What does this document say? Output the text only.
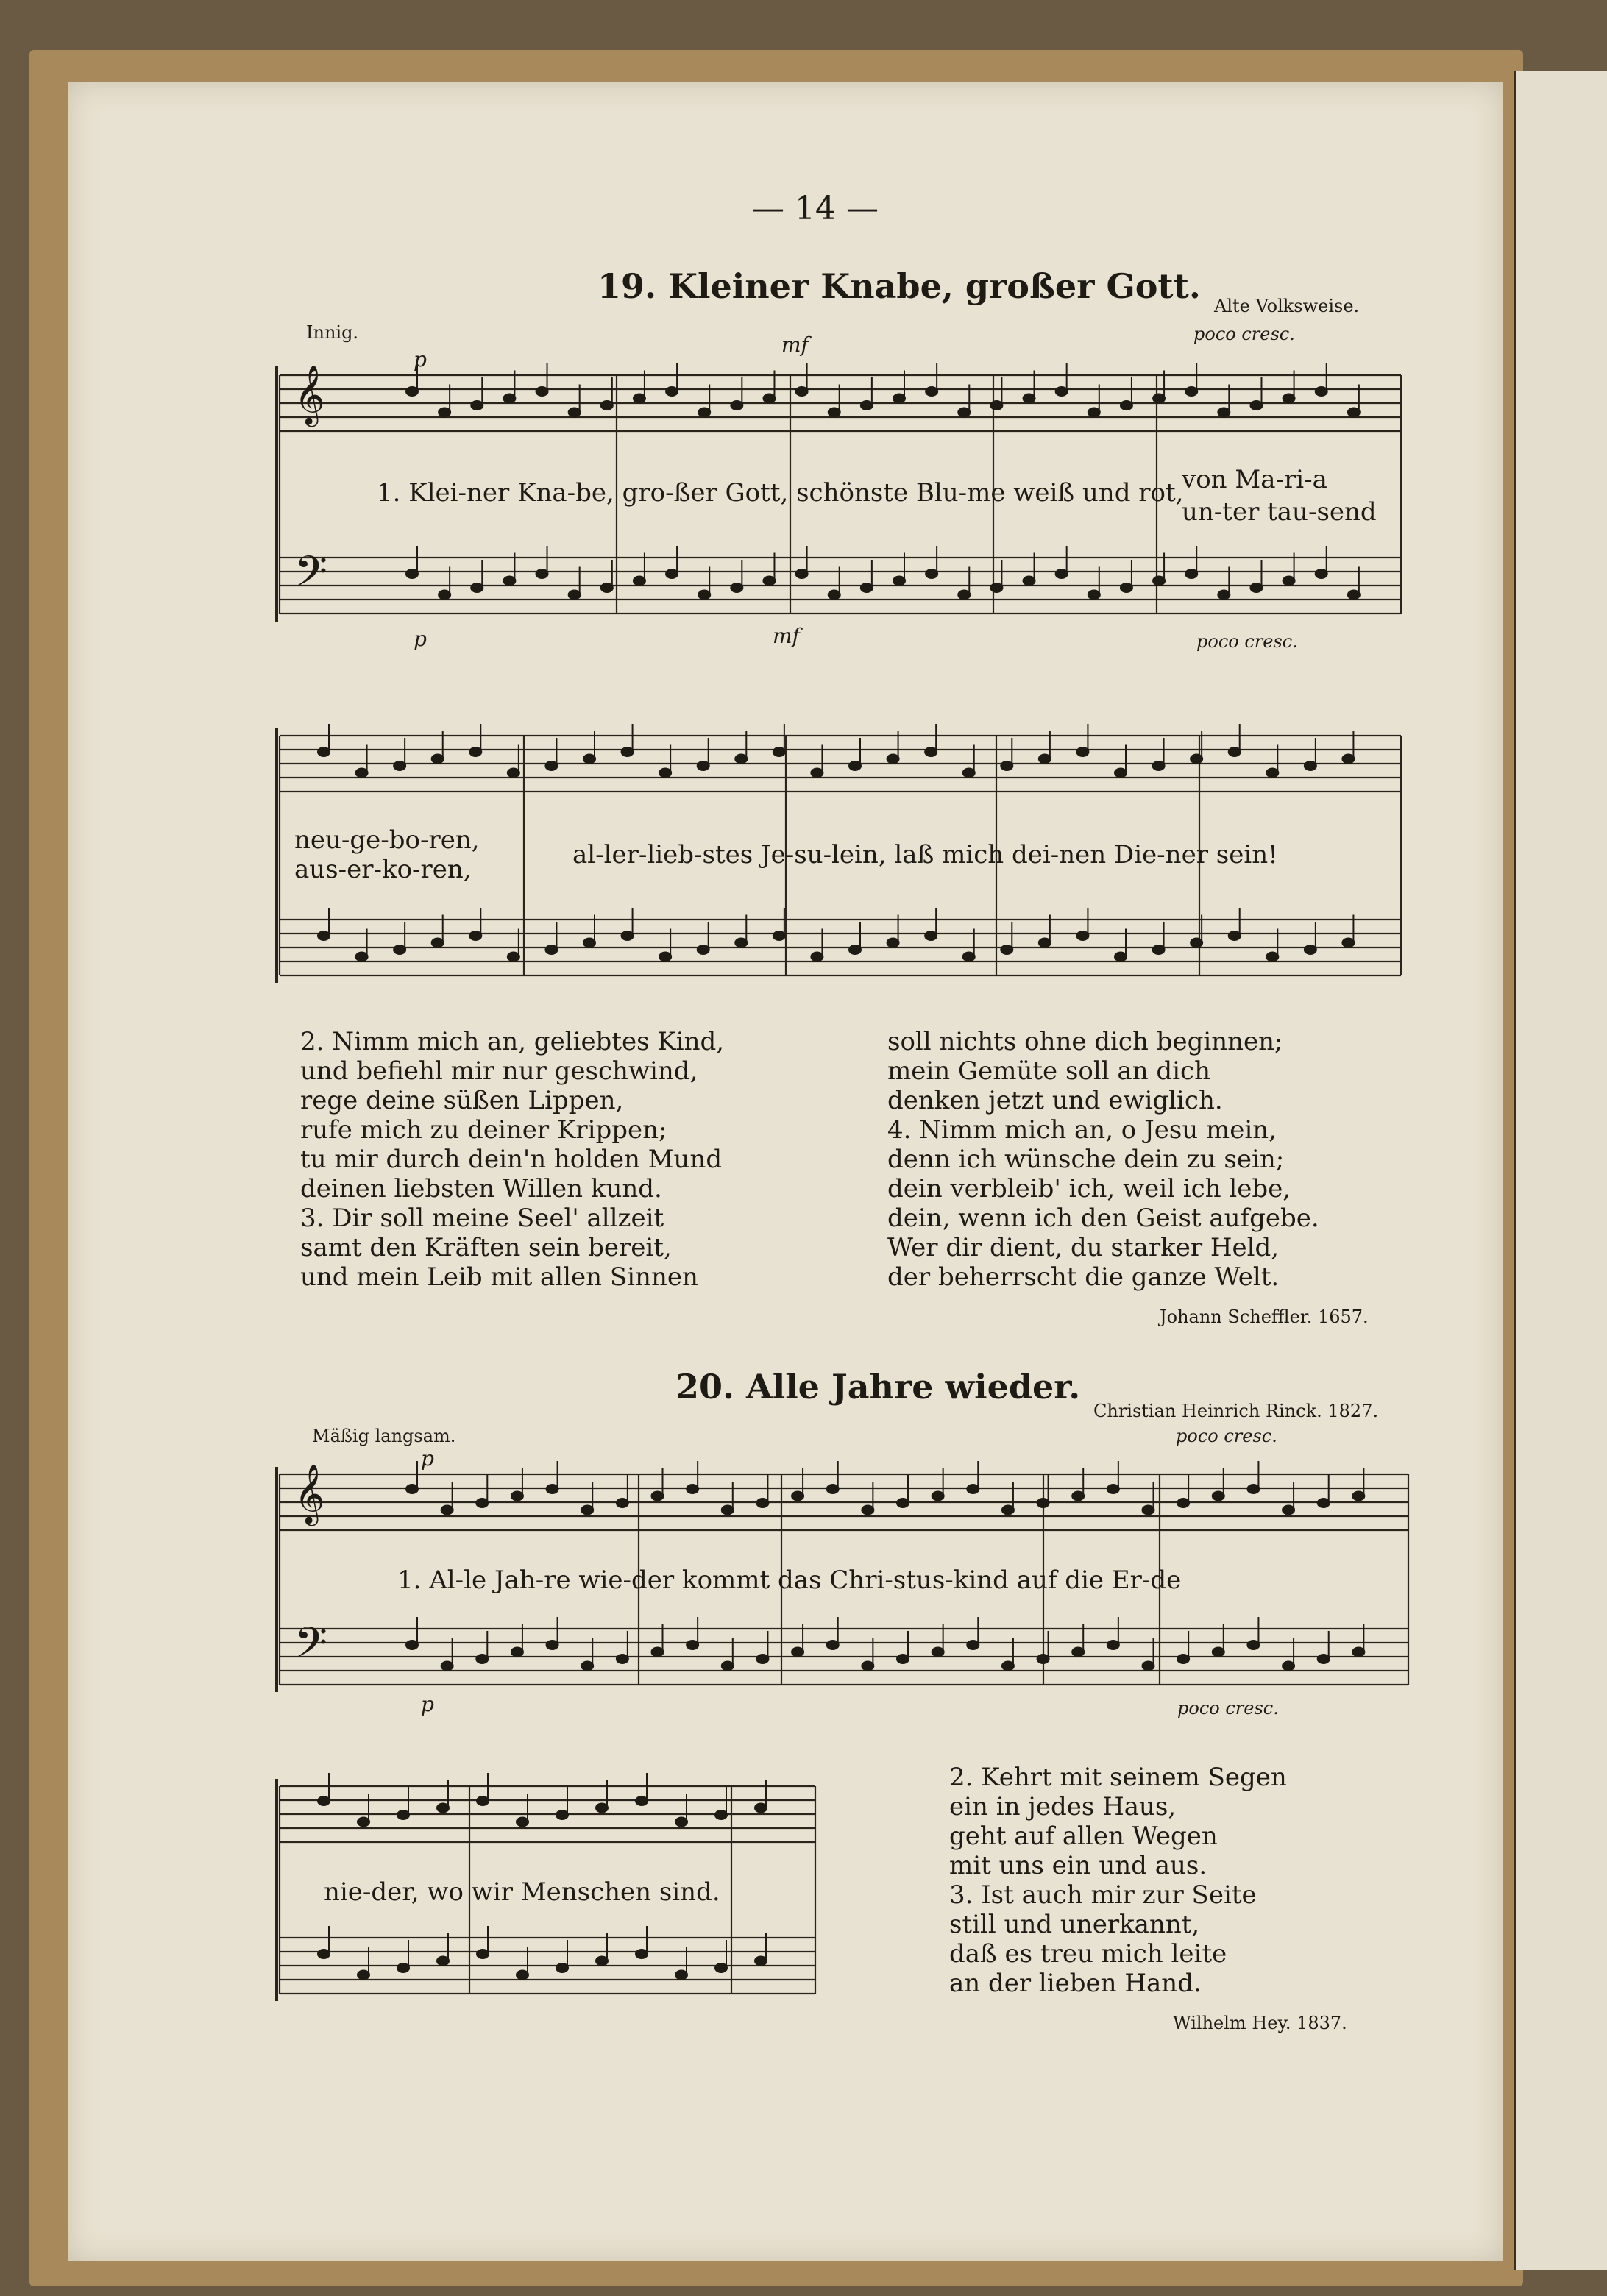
𝄞
𝄢
𝄞
𝄢
— 14 —
19. Kleiner Knabe, großer Gott. Alte Volksweise.
Innig.
p
mf	poco cresc.
1. Klei-ner Kna-be, gro-ßer Gott, schönste Blu-me weiß und rot,
von Ma-ri-a
un-ter tau-send
p	mf	poco cresc.
neu-ge-bo-ren,
aus-er-ko-ren,	al-ler-lieb-stes Je-su-lein, laß mich dei-nen Die-ner sein!
2. Nimm mich an, geliebtes Kind,
und befiehl mir nur geschwind,
rege deine süßen Lippen,
rufe mich zu deiner Krippen;
tu mir durch dein'n holden Mund
deinen liebsten Willen kund.
3. Dir soll meine Seel' allzeit
samt den Kräften sein bereit,
und mein Leib mit allen Sinnen
soll nichts ohne dich beginnen;
mein Gemüte soll an dich
denken jetzt und ewiglich.
4. Nimm mich an, o Jesu mein,
denn ich wünsche dein zu sein;
dein verbleib' ich, weil ich lebe,
dein, wenn ich den Geist aufgebe.
Wer dir dient, du starker Held,
der beherrscht die ganze Welt.
Johann Scheffler. 1657.
20. Alle Jahre wieder.
Christian Heinrich Rinck. 1827.
Mäßig langsam.
p
poco cresc.
1. Al-le Jah-re wie-der kommt das Chri-stus-kind auf die Er-de
p	poco cresc.
nie-der, wo wir Menschen sind.
2. Kehrt mit seinem Segen
ein in jedes Haus,
geht auf allen Wegen
mit uns ein und aus.
3. Ist auch mir zur Seite
still und unerkannt,
daß es treu mich leite
an der lieben Hand.
Wilhelm Hey. 1837.
